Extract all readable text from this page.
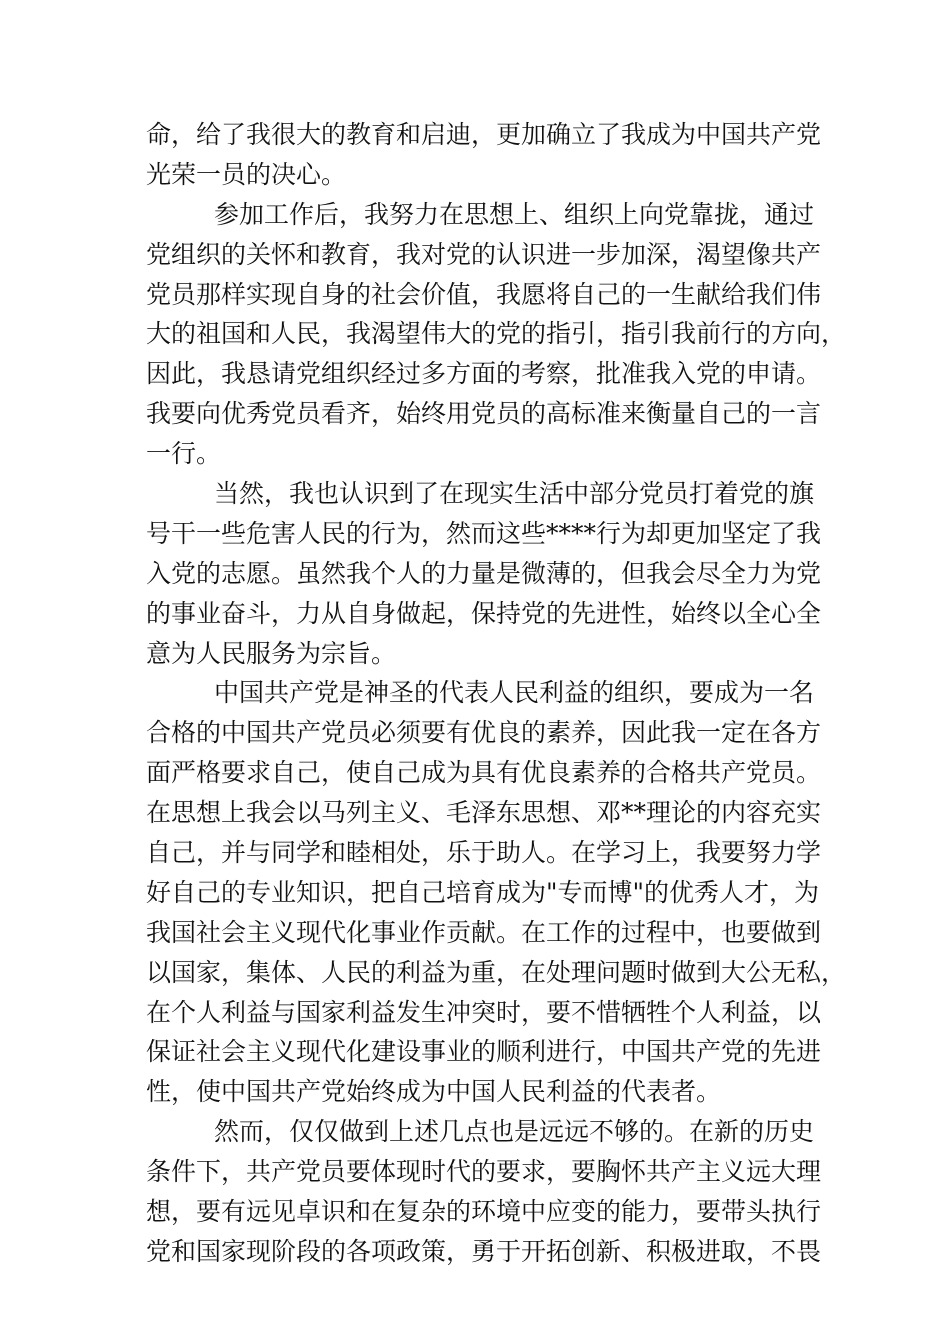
命，给了我很大的教育和启迪，更加确立了我成为中国共产党
光荣一员的决心。
参加工作后，我努力在思想上、组织上向党靠拢，通过
党组织的关怀和教育，我对党的认识进一步加深，渴望像共产
党员那样实现自身的社会价值，我愿将自己的一生献给我们伟
大的祖国和人民，我渴望伟大的党的指引，指引我前行的方向，
因此，我恳请党组织经过多方面的考察，批准我入党的申请。
我要向优秀党员看齐，始终用党员的高标准来衡量自己的一言
一行。
当然，我也认识到了在现实生活中部分党员打着党的旗
号干一些危害人民的行为，然而这些****行为却更加坚定了我
入党的志愿。虽然我个人的力量是微薄的，但我会尽全力为党
的事业奋斗，力从自身做起，保持党的先进性，始终以全心全
意为人民服务为宗旨。
中国共产党是神圣的代表人民利益的组织，要成为一名
合格的中国共产党员必须要有优良的素养，因此我一定在各方
面严格要求自己，使自己成为具有优良素养的合格共产党员。
在思想上我会以马列主义、毛泽东思想、邓**理论的内容充实
自己，并与同学和睦相处，乐于助人。在学习上，我要努力学
好自己的专业知识，把自己培育成为"专而博"的优秀人才，为
我国社会主义现代化事业作贡献。在工作的过程中，也要做到
以国家，集体、人民的利益为重，在处理问题时做到大公无私，
在个人利益与国家利益发生冲突时，要不惜牺牲个人利益，以
保证社会主义现代化建设事业的顺利进行，中国共产党的先进
性，使中国共产党始终成为中国人民利益的代表者。
然而，仅仅做到上述几点也是远远不够的。在新的历史
条件下，共产党员要体现时代的要求，要胸怀共产主义远大理
想，要有远见卓识和在复杂的环境中应变的能力，要带头执行
党和国家现阶段的各项政策，勇于开拓创新、积极进取，不畏
